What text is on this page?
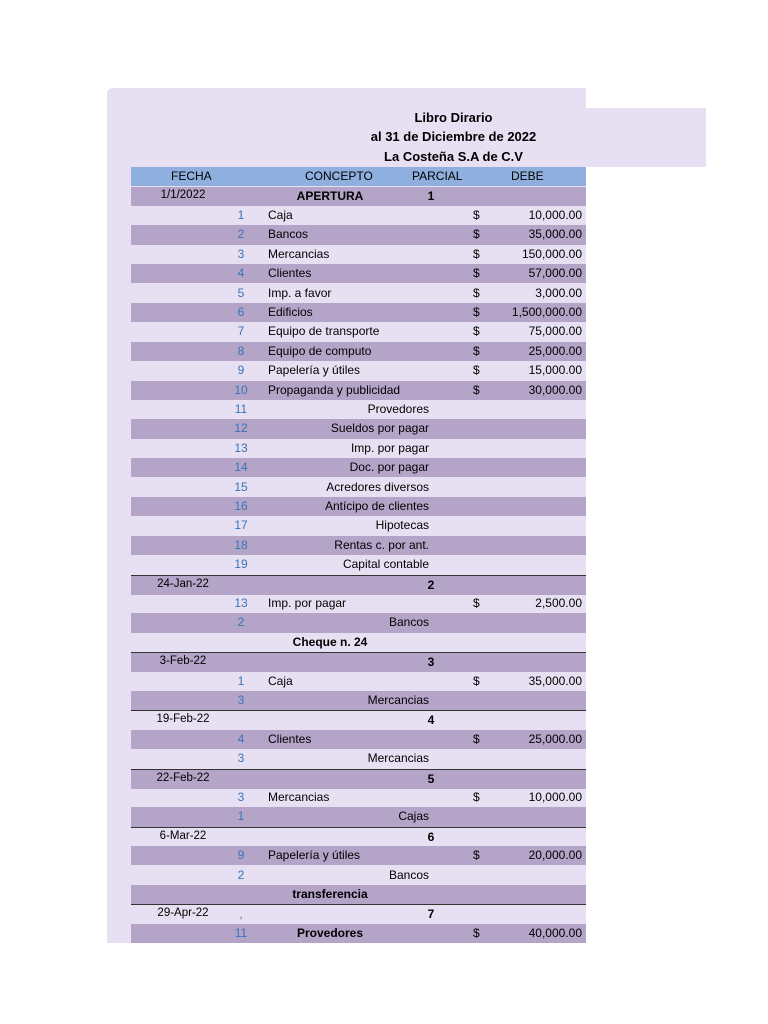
Libro Dirario
al 31 de Diciembre de 2022
La Costeña S.A de C.V
FECHA	CONCEPTO	PARCIAL	DEBE
1/1/2022	APERTURA	1
1	Caja	$	10,000.00
2	Bancos	$	35,000.00
3	Mercancias	$	150,000.00
4	Clientes	$	57,000.00
5	Imp. a favor	$	3,000.00
6	Edificios	$	1,500,000.00
7	Equipo de transporte	$	75,000.00
8	Equipo de computo	$	25,000.00
9	Papelería y útiles	$	15,000.00
10 Propaganda y publicidad	$	30,000.00
11	Provedores
12	Sueldos por pagar
13	Imp. por pagar
14	Doc. por pagar
15	Acredores diversos
16	Antícipo de clientes
17	Hipotecas
18	Rentas c. por ant.
19	Capital contable
24-Jan-22	2
13 Imp. por pagar	$	2,500.00
2	Bancos
Cheque n. 24
3-Feb-22	3
1	Caja	$	35,000.00
3	Mercancias
19-Feb-22	4
4	Clientes	$	25,000.00
3	Mercancias
22-Feb-22	5
3	Mercancias	$	10,000.00
1	Cajas
6-Mar-22	6
9	Papelería y útiles	$	20,000.00
2	Bancos
transferencia
29-Apr-22	,	7
11	Provedores	$	40,000.00
